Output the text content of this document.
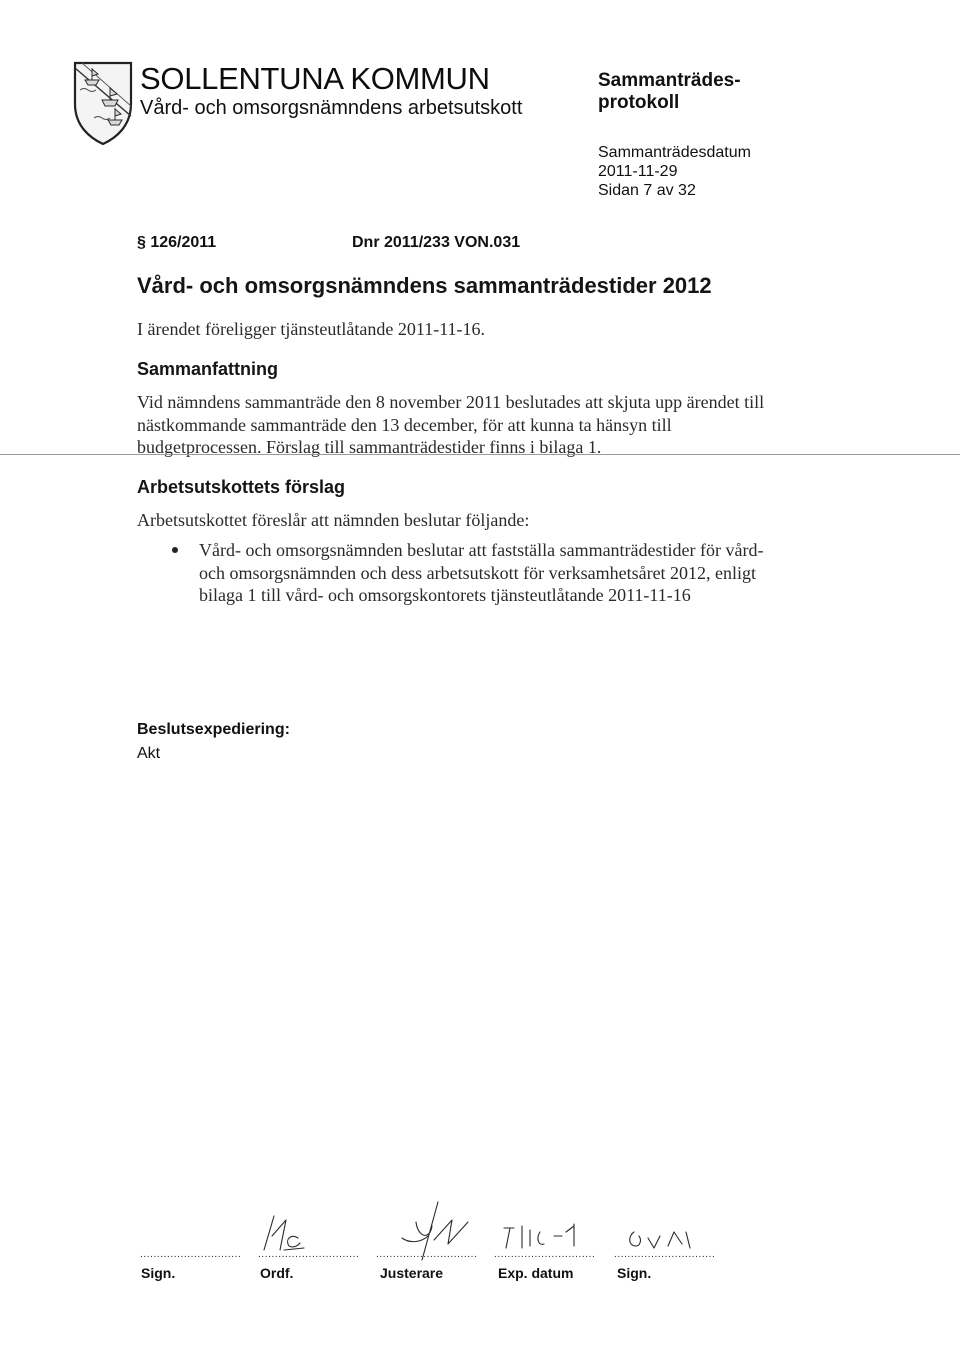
SOLLENTUNA KOMMUN
Vård- och omsorgsnämndens arbetsutskott
Sammanträdes-
protokoll
Sammanträdesdatum
2011-11-29
Sidan 7 av 32
§ 126/2011	Dnr 2011/233 VON.031
Vård- och omsorgsnämndens sammanträdestider 2012
I ärendet föreligger tjänsteutlåtande 2011-11-16.
Sammanfattning
Vid nämndens sammanträde den 8 november 2011 beslutades att skjuta upp ärendet till nästkommande sammanträde den 13 december, för att kunna ta hänsyn till budgetprocessen. Förslag till sammanträdestider finns i bilaga 1.
Arbetsutskottets förslag
Arbetsutskottet föreslår att nämnden beslutar följande:
Vård- och omsorgsnämnden beslutar att fastställa sammanträdestider för vård- och omsorgsnämnden och dess arbetsutskott för verksamhetsåret 2012, enligt bilaga 1 till vård- och omsorgskontorets tjänsteutlåtande 2011-11-16
Beslutsexpediering:
Akt
..............................	..............................	..............................	..............................	..............................
Sign.	Ordf.	Justerare	Exp. datum	Sign.
